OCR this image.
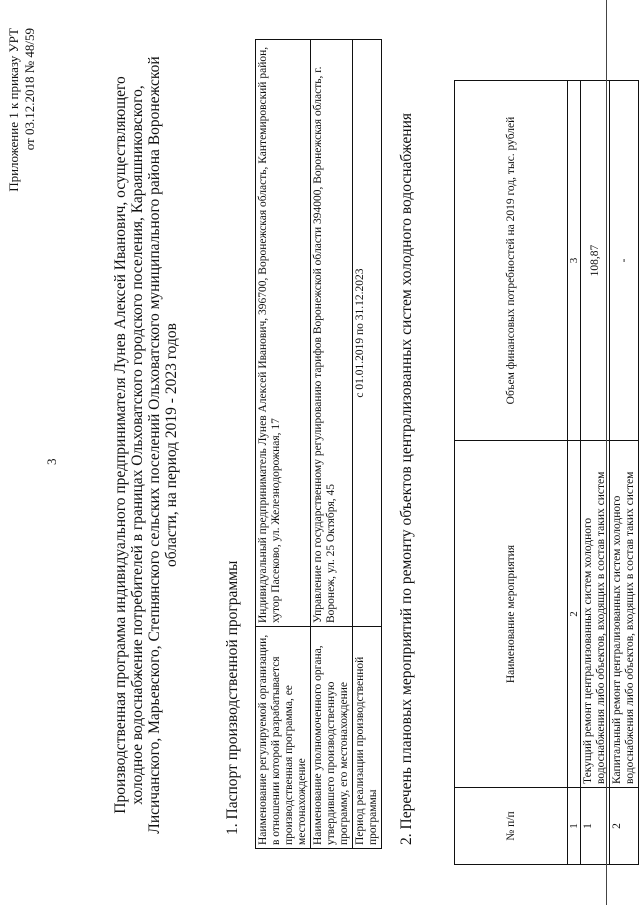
3
Приложение 1 к приказу УРТ от 03.12.2018 № 48/59	Производственная программа индивидуального предпринимателя Лунев Алексей Иванович, осуществляющего холодное водоснабжение потребителей в границах Ольховатского городского поселения, Караяшниковского, Лисичанского, Марьевского, Степнянского сельских поселений Ольховатского муниципального района Воронежской области, на период 2019 - 2023 годов
1. Паспорт производственной программы Наименование регулируемой организации, в отношении которой разрабатывается производственная программа, ее местонахождение	Индивидуальный предприниматель Лунев Алексей Иванович, 396700, Воронежская область, Кантемировский район, хутор Пасеково, ул. Железнодорожная, 17
Наименование уполномоченного органа, утвердившего производственную программу, его местонахождение	Управление по государственному регулированию тарифов Воронежской области 394000, Воронежская область, г. Воронеж, ул. 25 Октября, 45
Период реализации производственной программы	с 01.01.2019 по 31.12.2023 2. Перечень плановых мероприятий по ремонту объектов централизованных систем холодного водоснабжения	№ п/п	Наименование мероприятия	Объем финансовых потребностей на 2019 год, тыс. рублей
1	2	3
1	Текущий ремонт централизованных систем холодного водоснабжения либо объектов, входящих в состав таких систем	108,87
2	Капитальный ремонт централизованных систем холодного водоснабжения либо объектов, входящих в состав таких систем	-
